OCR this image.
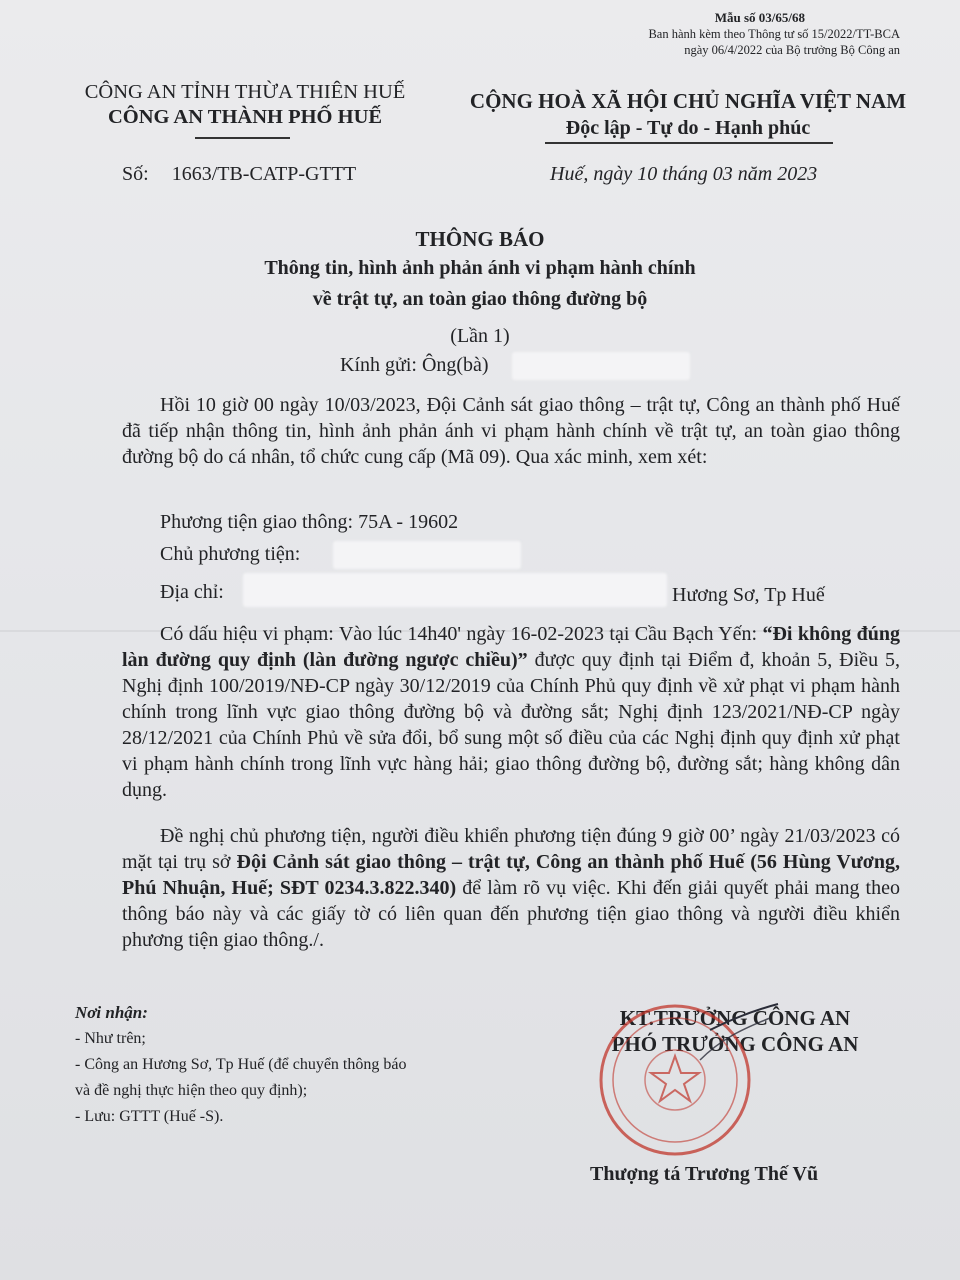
Mẫu số 03/65/68
Ban hành kèm theo Thông tư số 15/2022/TT-BCA
ngày 06/4/2022 của Bộ trưởng Bộ Công an
CÔNG AN TỈNH THỪA THIÊN HUẾ
CÔNG AN THÀNH PHỐ HUẾ
CỘNG HOÀ XÃ HỘI CHỦ NGHĨA VIỆT NAM
Độc lập - Tự do - Hạnh phúc
Số: 1663/TB-CATP-GTTT	Huế, ngày 10 tháng 03 năm 2023
THÔNG BÁO
Thông tin, hình ảnh phản ánh vi phạm hành chính
về trật tự, an toàn giao thông đường bộ
(Lần 1)
Kính gửi: Ông(bà)
Hồi 10 giờ 00 ngày 10/03/2023, Đội Cảnh sát giao thông – trật tự, Công an thành phố Huế đã tiếp nhận thông tin, hình ảnh phản ánh vi phạm hành chính về trật tự, an toàn giao thông đường bộ do cá nhân, tổ chức cung cấp (Mã 09). Qua xác minh, xem xét:
Phương tiện giao thông: 75A - 19602
Chủ phương tiện:
Địa chỉ:	Hương Sơ, Tp Huế
Có dấu hiệu vi phạm: Vào lúc 14h40' ngày 16-02-2023 tại Cầu Bạch Yến: “Đi không đúng làn đường quy định (làn đường ngược chiều)” được quy định tại Điểm đ, khoản 5, Điều 5, Nghị định 100/2019/NĐ-CP ngày 30/12/2019 của Chính Phủ quy định về xử phạt vi phạm hành chính trong lĩnh vực giao thông đường bộ và đường sắt; Nghị định 123/2021/NĐ-CP ngày 28/12/2021 của Chính Phủ về sửa đổi, bổ sung một số điều của các Nghị định quy định xử phạt vi phạm hành chính trong lĩnh vực hàng hải; giao thông đường bộ, đường sắt; hàng không dân dụng.
Đề nghị chủ phương tiện, người điều khiển phương tiện đúng 9 giờ 00’ ngày 21/03/2023 có mặt tại trụ sở Đội Cảnh sát giao thông – trật tự, Công an thành phố Huế (56 Hùng Vương, Phú Nhuận, Huế; SĐT 0234.3.822.340) để làm rõ vụ việc. Khi đến giải quyết phải mang theo thông báo này và các giấy tờ có liên quan đến phương tiện giao thông và người điều khiển phương tiện giao thông./.
Nơi nhận:
- Như trên;
- Công an Hương Sơ, Tp Huế (để chuyển thông báo
và đề nghị thực hiện theo quy định);
- Lưu: GTTT (Huế -S).
KT.TRƯỞNG CÔNG AN
PHÓ TRƯỞNG CÔNG AN
Thượng tá Trương Thế Vũ
